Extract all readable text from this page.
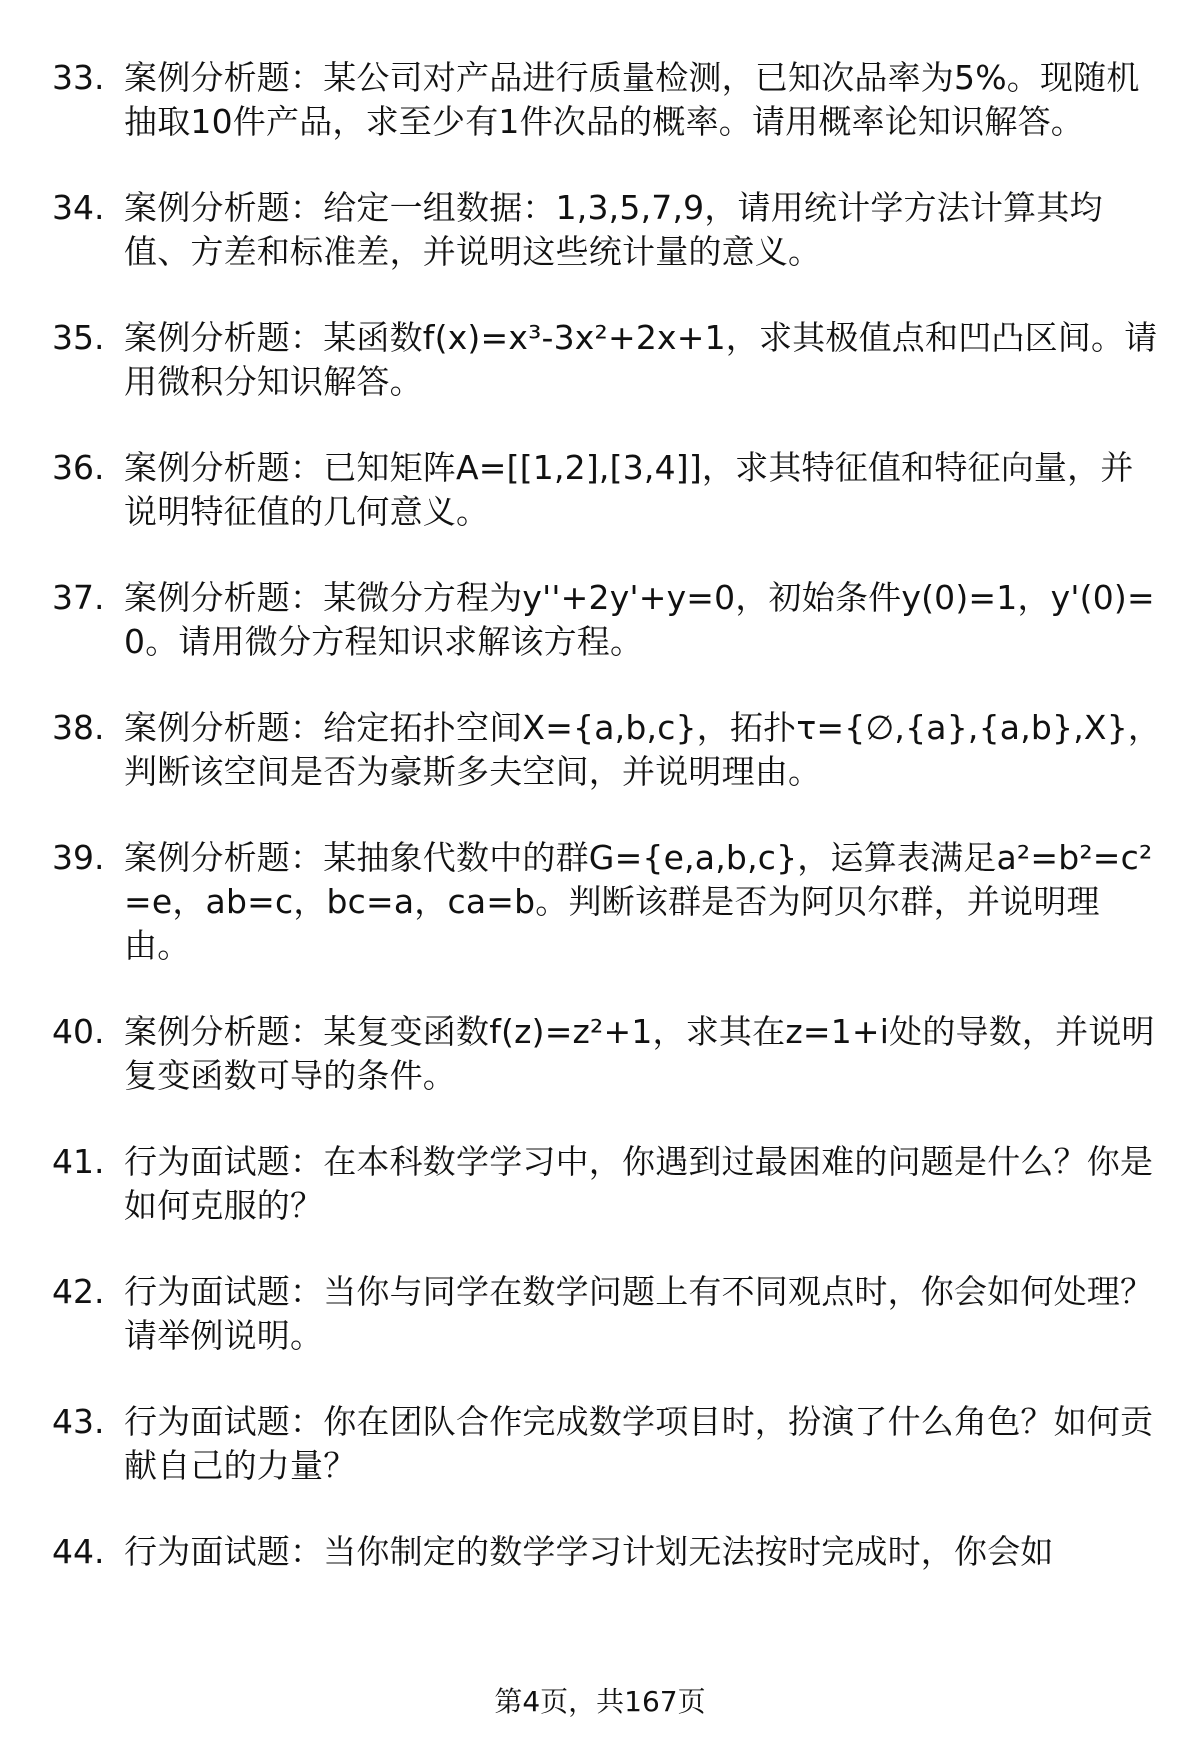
33. 案例分析题：某公司对产品进行质量检测，已知次品率为5%。现随机抽取10件产品，求至少有1件次品的概率。请用概率论知识解答。
34. 案例分析题：给定一组数据：1,3,5,7,9，请用统计学方法计算其均值、方差和标准差，并说明这些统计量的意义。
35. 案例分析题：某函数f(x)=x³-3x²+2x+1，求其极值点和凹凸区间。请用微积分知识解答。
36. 案例分析题：已知矩阵A=[[1,2],[3,4]]，求其特征值和特征向量，并说明特征值的几何意义。
37. 案例分析题：某微分方程为y''+2y'+y=0，初始条件y(0)=1，y'(0)=0。请用微分方程知识求解该方程。
38. 案例分析题：给定拓扑空间X={a,b,c}，拓扑τ={∅,{a},{a,b},X}，判断该空间是否为豪斯多夫空间，并说明理由。
39. 案例分析题：某抽象代数中的群G={e,a,b,c}，运算表满足a²=b²=c²=e，ab=c，bc=a，ca=b。判断该群是否为阿贝尔群，并说明理由。
40. 案例分析题：某复变函数f(z)=z²+1，求其在z=1+i处的导数，并说明复变函数可导的条件。
41. 行为面试题：在本科数学学习中，你遇到过最困难的问题是什么？你是如何克服的？
42. 行为面试题：当你与同学在数学问题上有不同观点时，你会如何处理？请举例说明。
43. 行为面试题：你在团队合作完成数学项目时，扮演了什么角色？如何贡献自己的力量？
44. 行为面试题：当你制定的数学学习计划无法按时完成时，你会如
第4页，共167页
